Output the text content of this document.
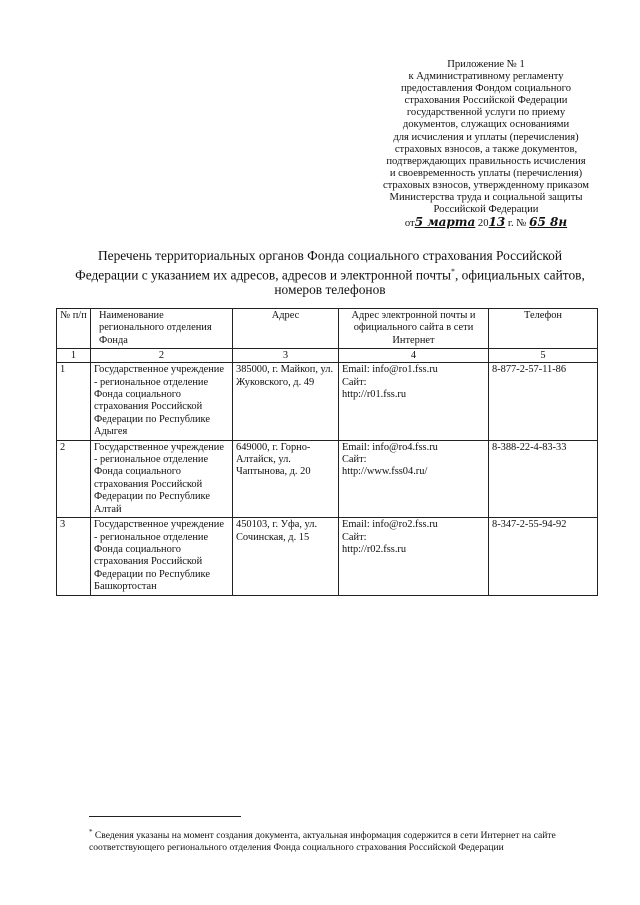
Приложение № 1
к Административному регламенту
предоставления Фондом социального
страхования Российской Федерации
государственной услуги по приему
документов, служащих основаниями
для исчисления и уплаты (перечисления)
страховых взносов, а также документов,
подтверждающих правильность исчисления
и своевременность уплаты (перечисления)
страховых взносов, утвержденному приказом
Министерства труда и социальной защиты
Российской Федерации
от5 марта 2013 г. № 65 8н
Перечень территориальных органов Фонда социального страхования Российской
Федерации с указанием их адресов, адресов и электронной почты*, официальных сайтов,
номеров телефонов
№ п/п	Наименование регионального отделения Фонда	Адрес	Адрес электронной почты и официального сайта в сети Интернет	Телефон
1	2	3	4	5
1	Государственное учреждение - региональное отделение Фонда социального страхования Российской Федерации по Республике Адыгея	385000, г. Майкоп, ул. Жуковского, д. 49	Email: info@ro1.fss.ru
Сайт:
http://r01.fss.ru	8-877-2-57-11-86
2	Государственное учреждение - региональное отделение Фонда социального страхования Российской Федерации по Республике Алтай	649000, г. Горно-Алтайск, ул. Чаптынова, д. 20	Email: info@ro4.fss.ru
Сайт:
http://www.fss04.ru/	8-388-22-4-83-33
3	Государственное учреждение - региональное отделение Фонда социального страхования Российской Федерации по Республике Башкортостан	450103, г. Уфа, ул. Сочинская, д. 15	Email: info@ro2.fss.ru
Сайт:
http://r02.fss.ru	8-347-2-55-94-92
* Сведения указаны на момент создания документа, актуальная информация содержится в сети Интернет на сайте соответствующего регионального отделения Фонда социального страхования Российской Федерации
